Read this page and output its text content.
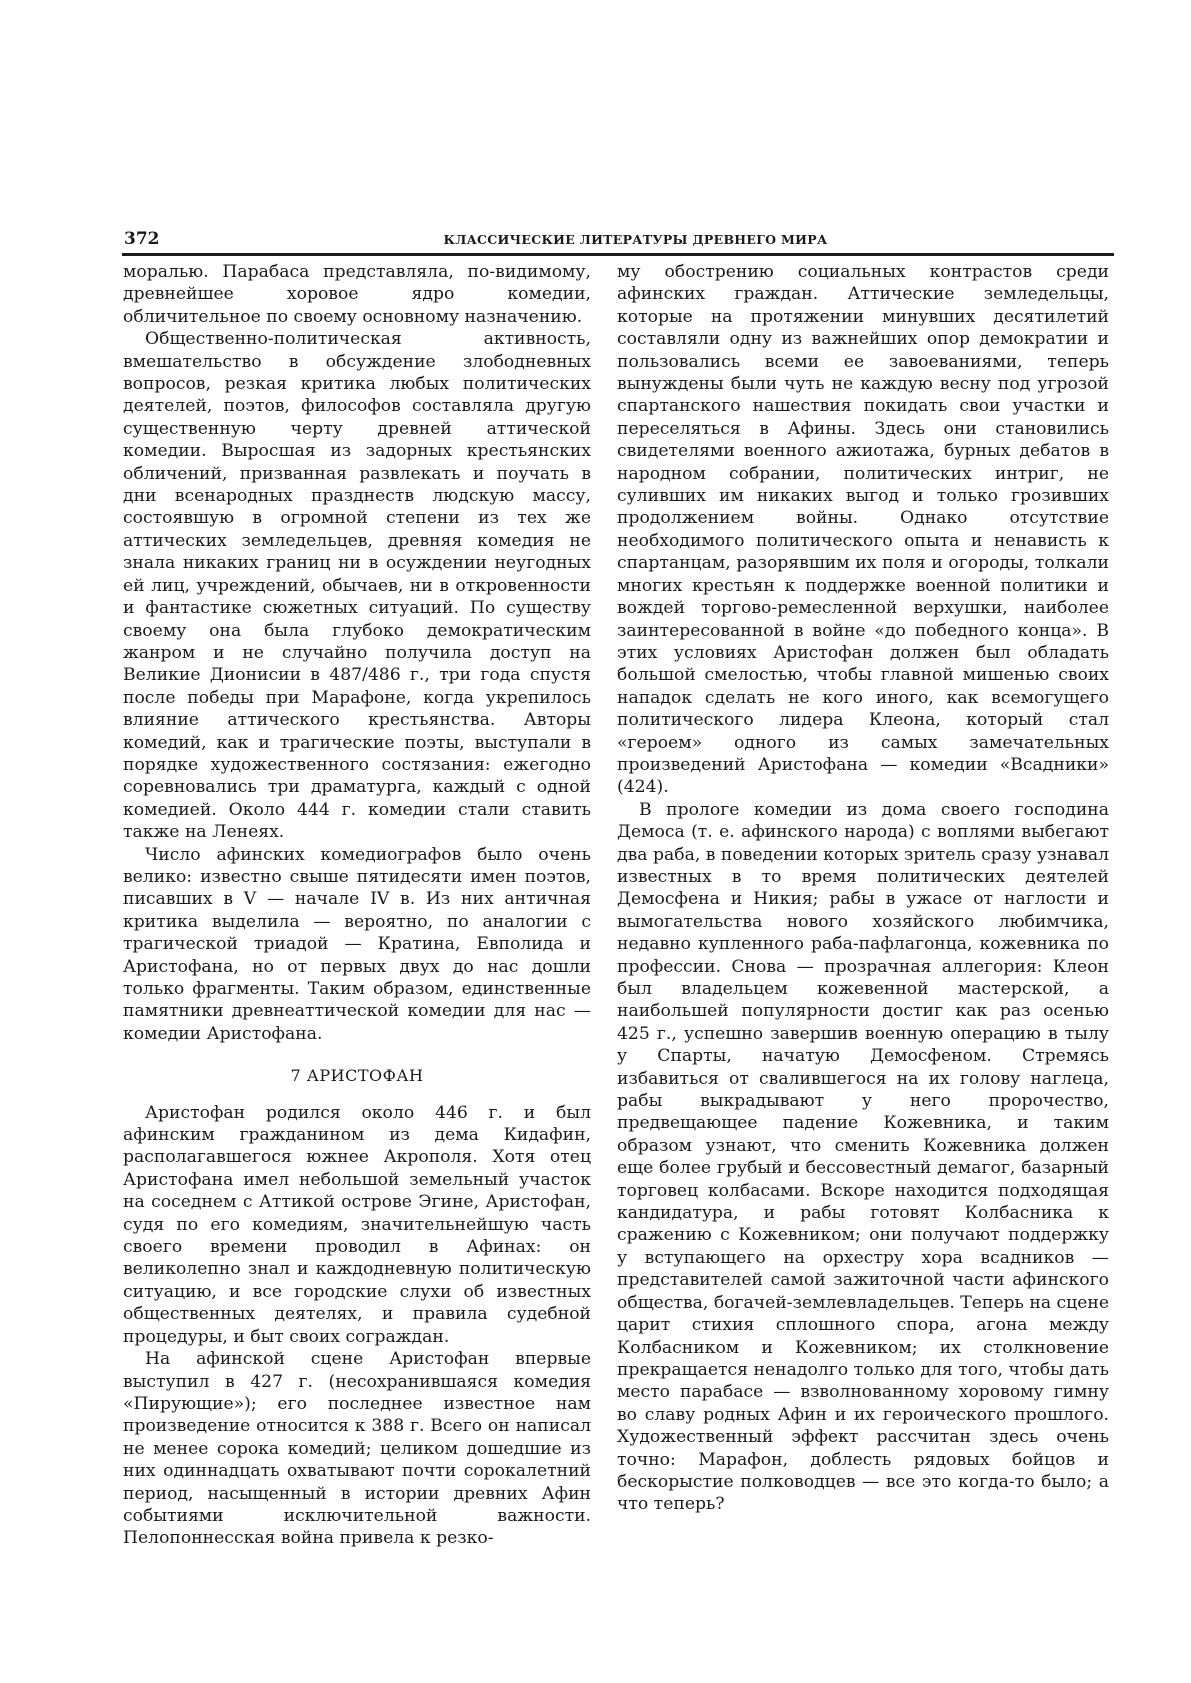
372	КЛАССИЧЕСКИЕ ЛИТЕРАТУРЫ ДРЕВНЕГО МИРА

моралью. Парабаса представляла, по-видимому, древнейшее хоровое ядро комедии, обличительное по своему основному назначению.

Общественно-политическая активность, вмешательство в обсуждение злободневных вопросов, резкая критика любых политических деятелей, поэтов, философов составляла другую существенную черту древней аттической комедии. Выросшая из задорных крестьянских обличений, призванная развлекать и поучать в дни всенародных празднеств людскую массу, состоявшую в огромной степени из тех же аттических земледельцев, древняя комедия не знала никаких границ ни в осуждении неугодных ей лиц, учреждений, обычаев, ни в откровенности и фантастике сюжетных ситуаций. По существу своему она была глубоко демократическим жанром и не случайно получила доступ на Великие Дионисии в 487/486 г., три года спустя после победы при Марафоне, когда укрепилось влияние аттического крестьянства. Авторы комедий, как и трагические поэты, выступали в порядке художественного состязания: ежегодно соревновались три драматурга, каждый с одной комедией. Около 444 г. комедии стали ставить также на Ленеях.

Число афинских комедиографов было очень велико: известно свыше пятидесяти имен поэтов, писавших в V — начале IV в. Из них античная критика выделила — вероятно, по аналогии с трагической триадой — Кратина, Евполида и Аристофана, но от первых двух до нас дошли только фрагменты. Таким образом, единственные памятники древнеаттической комедии для нас — комедии Аристофана.

7 АРИСТОФАН

Аристофан родился около 446 г. и был афинским гражданином из дема Кидафин, располагавшегося южнее Акрополя. Хотя отец Аристофана имел небольшой земельный участок на соседнем с Аттикой острове Эгине, Аристофан, судя по его комедиям, значительнейшую часть своего времени проводил в Афинах: он великолепно знал и каждодневную политическую ситуацию, и все городские слухи об известных общественных деятелях, и правила судебной процедуры, и быт своих сограждан.

На афинской сцене Аристофан впервые выступил в 427 г. (несохранившаяся комедия «Пирующие»); его последнее известное нам произведение относится к 388 г. Всего он написал не менее сорока комедий; целиком дошедшие из них одиннадцать охватывают почти сорокалетний период, насыщенный в истории древних Афин событиями исключительной важности. Пелопоннесская война привела к резко-

му обострению социальных контрастов среди афинских граждан. Аттические земледельцы, которые на протяжении минувших десятилетий составляли одну из важнейших опор демократии и пользовались всеми ее завоеваниями, теперь вынуждены были чуть не каждую весну под угрозой спартанского нашествия покидать свои участки и переселяться в Афины. Здесь они становились свидетелями военного ажиотажа, бурных дебатов в народном собрании, политических интриг, не суливших им никаких выгод и только грозивших продолжением войны. Однако отсутствие необходимого политического опыта и ненависть к спартанцам, разорявшим их поля и огороды, толкали многих крестьян к поддержке военной политики и вождей торгово-ремесленной верхушки, наиболее заинтересованной в войне «до победного конца». В этих условиях Аристофан должен был обладать большой смелостью, чтобы главной мишенью своих нападок сделать не кого иного, как всемогущего политического лидера Клеона, который стал «героем» одного из самых замечательных произведений Аристофана — комедии «Всадники» (424).

В прологе комедии из дома своего господина Демоса (т. е. афинского народа) с воплями выбегают два раба, в поведении которых зритель сразу узнавал известных в то время политических деятелей Демосфена и Никия; рабы в ужасе от наглости и вымогательства нового хозяйского любимчика, недавно купленного раба-пафлагонца, кожевника по профессии. Снова — прозрачная аллегория: Клеон был владельцем кожевенной мастерской, а наибольшей популярности достиг как раз осенью 425 г., успешно завершив военную операцию в тылу у Спарты, начатую Демосфеном. Стремясь избавиться от свалившегося на их голову наглеца, рабы выкрадывают у него пророчество, предвещающее падение Кожевника, и таким образом узнают, что сменить Кожевника должен еще более грубый и бессовестный демагог, базарный торговец колбасами. Вскоре находится подходящая кандидатура, и рабы готовят Колбасника к сражению с Кожевником; они получают поддержку у вступающего на орхестру хора всадников — представителей самой зажиточной части афинского общества, богачей-землевладельцев. Теперь на сцене царит стихия сплошного спора, агона между Колбасником и Кожевником; их столкновение прекращается ненадолго только для того, чтобы дать место парабасе — взволнованному хоровому гимну во славу родных Афин и их героического прошлого. Художественный эффект рассчитан здесь очень точно: Марафон, доблесть рядовых бойцов и бескорыстие полководцев — все это когда-то было; а что теперь?
